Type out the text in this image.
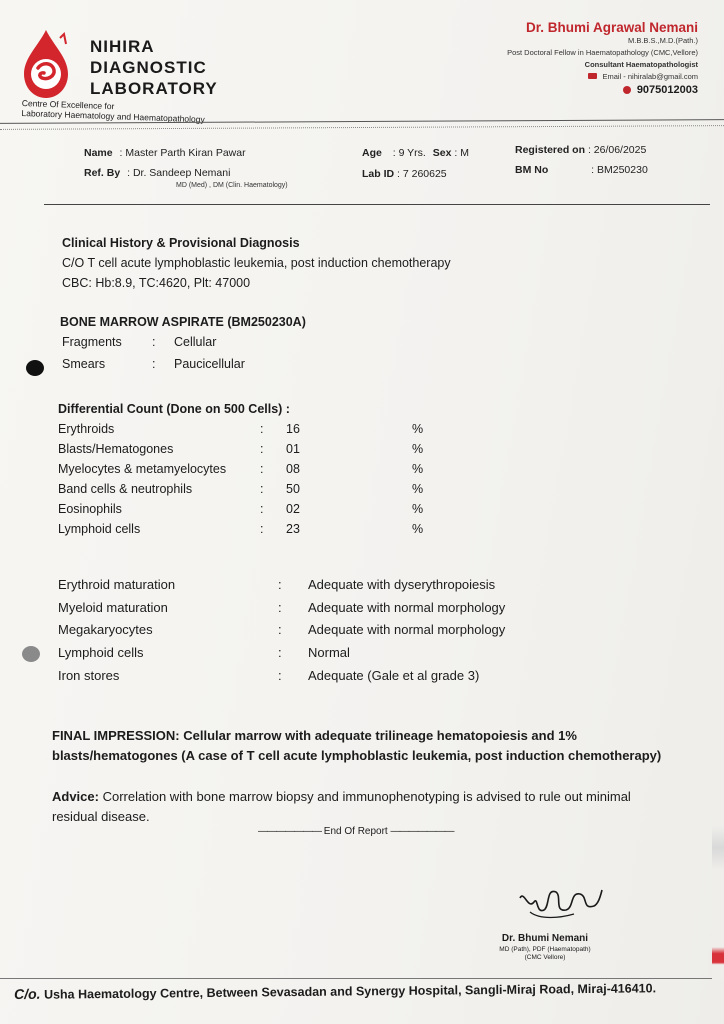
NIHIRA
DIAGNOSTIC
LABORATORY
Centre Of Excellence for
Laboratory Haematology and Haematopathology
Dr. Bhumi Agrawal Nemani
M.B.B.S.,M.D.(Path.)
Post Doctoral Fellow in Haematopathology (CMC,Vellore)
Consultant Haematopathologist
Email - nihiralab@gmail.com
9075012003
Name : Master Parth Kiran Pawar	Age : 9 Yrs. Sex : M	Registered on : 26/06/2025
Ref. By : Dr. Sandeep Nemani
MD (Med) , DM (Clin. Haematology)
Lab ID : 7 260625	BM No	: BM250230
Clinical History & Provisional Diagnosis
C/O T cell acute lymphoblastic leukemia, post induction chemotherapy
CBC: Hb:8.9, TC:4620, Plt: 47000
BONE MARROW ASPIRATE (BM250230A)
Fragments : Cellular
Smears	: Paucicellular
Differential Count (Done on 500 Cells) :
Erythroids	: 16	%
Blasts/Hematogones	: 01	%
Myelocytes & metamyelocytes	: 08	%
Band cells & neutrophils	: 50	%
Eosinophils	: 02	%
Lymphoid cells	: 23	%
Erythroid maturation	: Adequate with dyserythropoiesis
Myeloid maturation	: Adequate with normal morphology
Megakaryocytes	: Adequate with normal morphology
Lymphoid cells	: Normal
Iron stores	: Adequate (Gale et al grade 3)
FINAL IMPRESSION: Cellular marrow with adequate trilineage hematopoiesis and 1% blasts/hematogones (A case of T cell acute lymphoblastic leukemia, post induction chemotherapy)
Advice: Correlation with bone marrow biopsy and immunophenotyping is advised to rule out minimal residual disease.
——————— End Of Report ———————
Dr. Bhumi Nemani
MD (Path), PDF (Haematopath)
(CMC Vellore)
C/o. Usha Haematology Centre, Between Sevasadan and Synergy Hospital, Sangli-Miraj Road, Miraj-416410.
